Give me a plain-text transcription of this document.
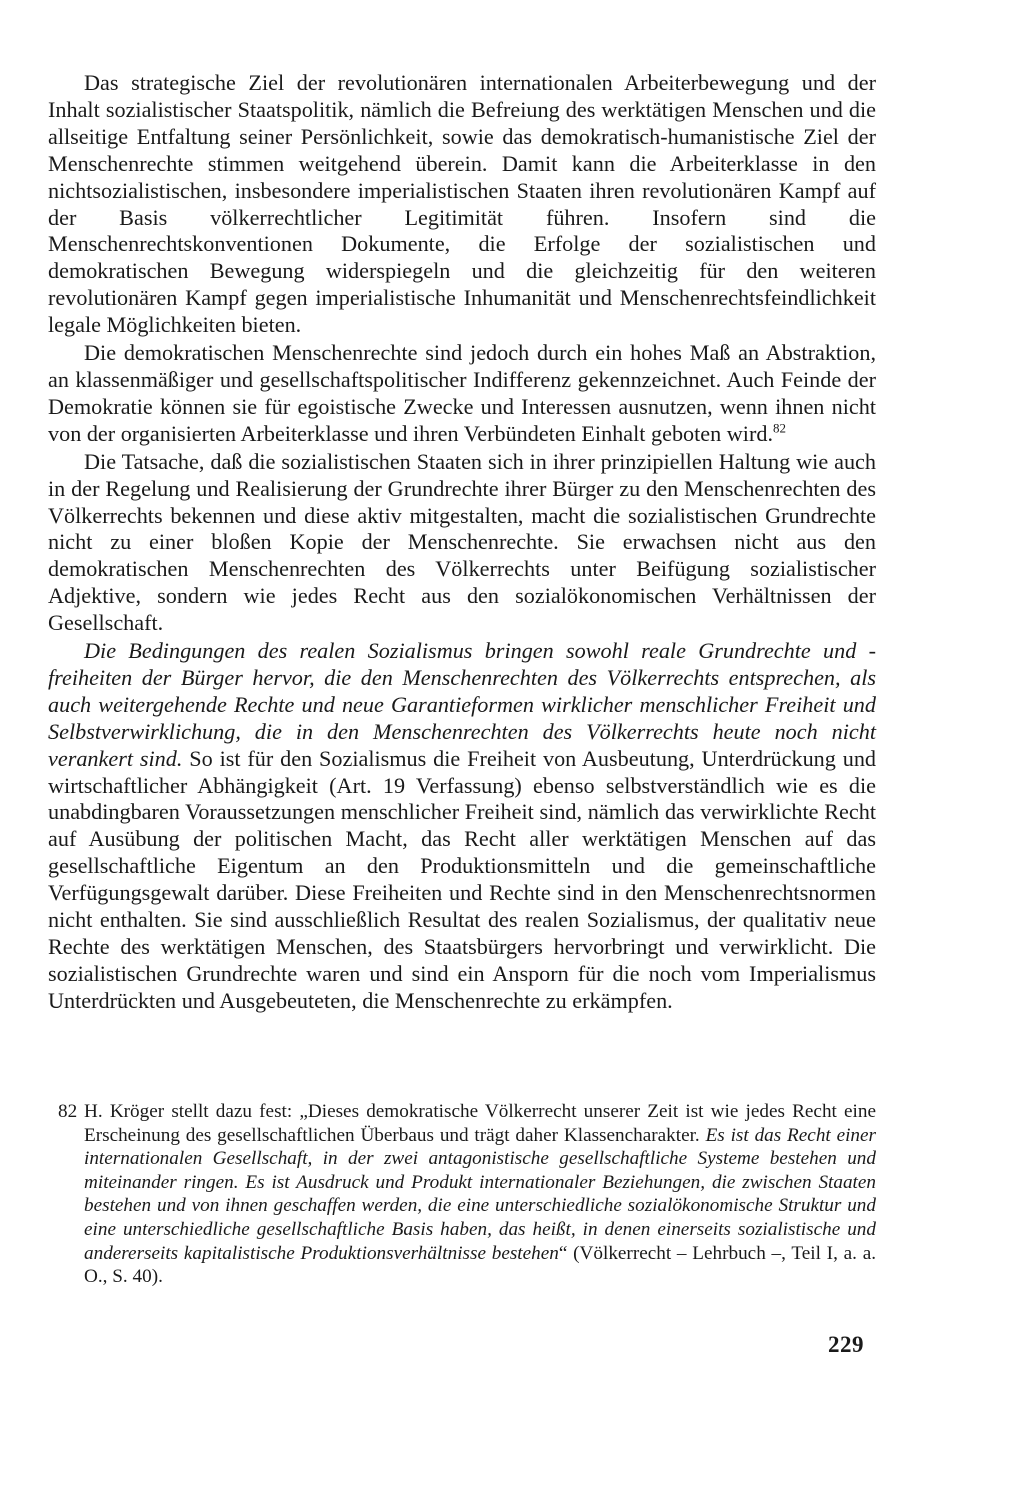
Das strategische Ziel der revolutionären internationalen Arbeiterbewegung und der Inhalt sozialistischer Staatspolitik, nämlich die Befreiung des werktätigen Menschen und die allseitige Entfaltung seiner Persönlichkeit, sowie das demokratisch-humanistische Ziel der Menschenrechte stimmen weitgehend überein. Damit kann die Arbeiterklasse in den nichtsozialistischen, insbesondere imperialistischen Staaten ihren revolutionären Kampf auf der Basis völkerrechtlicher Legitimität führen. Insofern sind die Menschenrechtskonventionen Dokumente, die Erfolge der sozialistischen und demokratischen Bewegung widerspiegeln und die gleichzeitig für den weiteren revolutionären Kampf gegen imperialistische Inhumanität und Menschenrechtsfeindlichkeit legale Möglichkeiten bieten.

Die demokratischen Menschenrechte sind jedoch durch ein hohes Maß an Abstraktion, an klassenmäßiger und gesellschaftspolitischer Indifferenz gekennzeichnet. Auch Feinde der Demokratie können sie für egoistische Zwecke und Interessen ausnutzen, wenn ihnen nicht von der organisierten Arbeiterklasse und ihren Verbündeten Einhalt geboten wird.$^{82}$

Die Tatsache, daß die sozialistischen Staaten sich in ihrer prinzipiellen Haltung wie auch in der Regelung und Realisierung der Grundrechte ihrer Bürger zu den Menschenrechten des Völkerrechts bekennen und diese aktiv mitgestalten, macht die sozialistischen Grundrechte nicht zu einer bloßen Kopie der Menschenrechte. Sie erwachsen nicht aus den demokratischen Menschenrechten des Völkerrechts unter Beifügung sozialistischer Adjektive, sondern wie jedes Recht aus den sozialökonomischen Verhältnissen der Gesellschaft.

Die Bedingungen des realen Sozialismus bringen sowohl reale Grundrechte und -freiheiten der Bürger hervor, die den Menschenrechten des Völkerrechts entsprechen, als auch weitergehende Rechte und neue Garantieformen wirklicher menschlicher Freiheit und Selbstverwirklichung, die in den Menschenrechten des Völkerrechts heute noch nicht verankert sind. So ist für den Sozialismus die Freiheit von Ausbeutung, Unterdrückung und wirtschaftlicher Abhängigkeit (Art. 19 Verfassung) ebenso selbstverständlich wie es die unabdingbaren Voraussetzungen menschlicher Freiheit sind, nämlich das verwirklichte Recht auf Ausübung der politischen Macht, das Recht aller werktätigen Menschen auf das gesellschaftliche Eigentum an den Produktionsmitteln und die gemeinschaftliche Verfügungsgewalt darüber. Diese Freiheiten und Rechte sind in den Menschenrechtsnormen nicht enthalten. Sie sind ausschließlich Resultat des realen Sozialismus, der qualitativ neue Rechte des werktätigen Menschen, des Staatsbürgers hervorbringt und verwirklicht. Die sozialistischen Grundrechte waren und sind ein Ansporn für die noch vom Imperialismus Unterdrückten und Ausgebeuteten, die Menschenrechte zu erkämpfen.

82 H. Kröger stellt dazu fest: „Dieses demokratische Völkerrecht unserer Zeit ist wie jedes Recht eine Erscheinung des gesellschaftlichen Überbaus und trägt daher Klassencharakter. Es ist das Recht einer internationalen Gesellschaft, in der zwei antagonistische gesellschaftliche Systeme bestehen und miteinander ringen. Es ist Ausdruck und Produkt internationaler Beziehungen, die zwischen Staaten bestehen und von ihnen geschaffen werden, die eine unterschiedliche sozialökonomische Struktur und eine unterschiedliche gesellschaftliche Basis haben, das heißt, in denen einerseits sozialistische und andererseits kapitalistische Produktionsverhältnisse bestehen“ (Völkerrecht – Lehrbuch –, Teil I, a. a. O., S. 40).

229
